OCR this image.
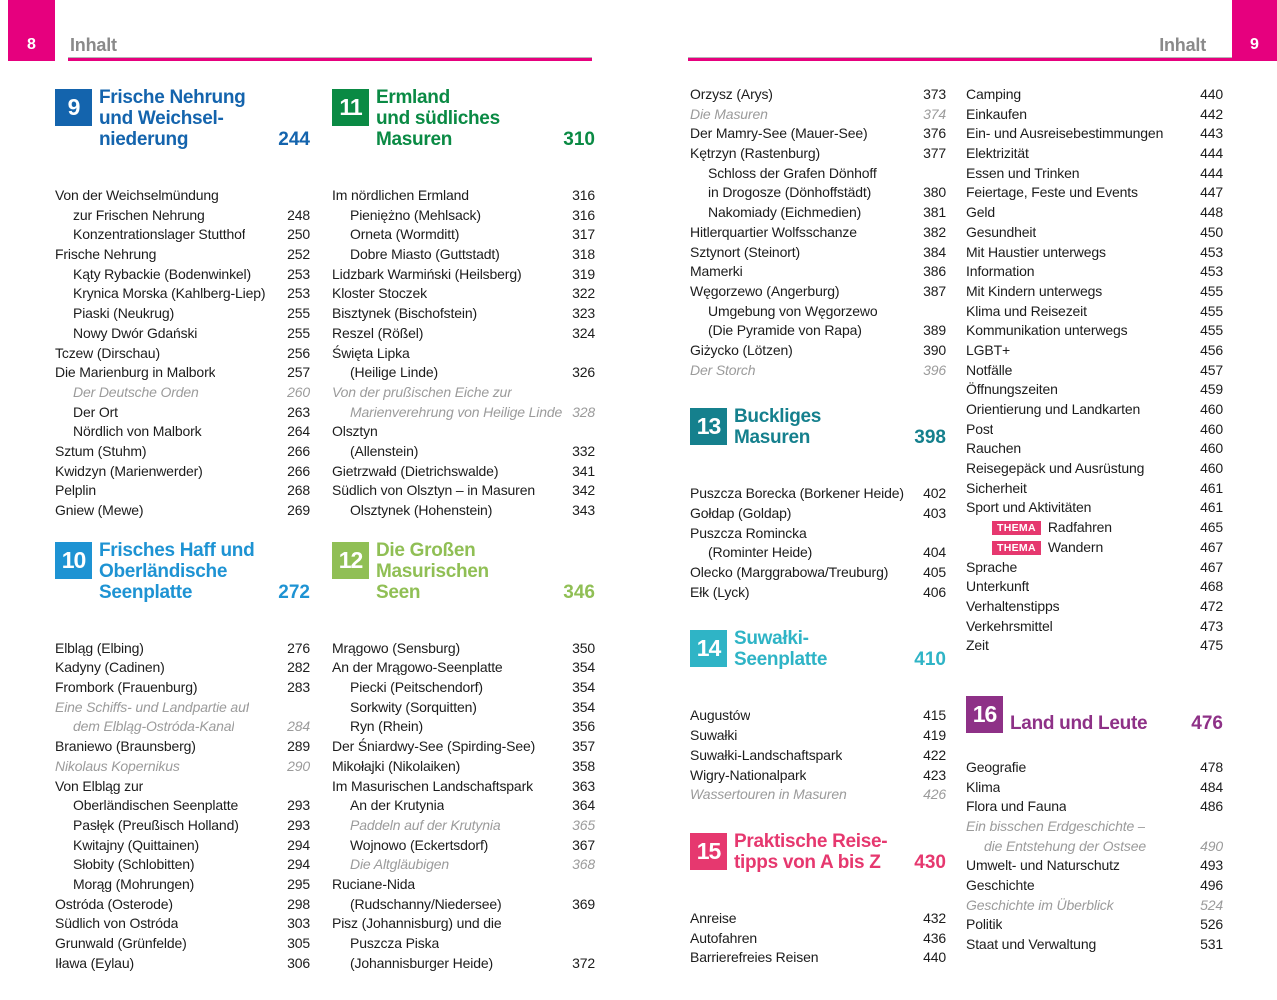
8 Inhalt	9
Inhalt
9	Frische Nehrung
und Weichsel-
niederung	244
Von der Weichselmündung
zur Frischen Nehrung	248
Konzentrationslager Stutthof	250
Frische Nehrung	252
Kąty Rybackie (Bodenwinkel)	253
Krynica Morska (Kahlberg-Liep) 253
Piaski (Neukrug)	255
Nowy Dwór Gdański	255
Tczew (Dirschau)	256
Die Marienburg in Malbork	257
Der Deutsche Orden	260
Der Ort	263
Nördlich von Malbork	264
Sztum (Stuhm)	266
Kwidzyn (Marienwerder)	266
Pelplin	268
Gniew (Mewe)	269
10 Frisches Haff und
Oberländische
Seenplatte	272
Elbląg (Elbing)	276
Kadyny (Cadinen)	282
Frombork (Frauenburg)	283
Eine Schiffs- und Landpartie auf
dem Elbląg-Ostróda-Kanal	284
Braniewo (Braunsberg)	289
Nikolaus Kopernikus	290
Von Elbląg zur
Oberländischen Seenplatte	293
Pasłęk (Preußisch Holland)	293
Kwitajny (Quittainen)	294
Słobity (Schlobitten)	294
Morąg (Mohrungen)	295
Ostróda (Osterode)	298
Südlich von Ostróda	303
Grunwald (Grünfelde)	305
Iława (Eylau)	306
11 Ermland
und südliches
Masuren	310
Im nördlichen Ermland	316
Pieniężno (Mehlsack)	316
Orneta (Wormditt)	317
Dobre Miasto (Guttstadt)	318
Lidzbark Warmiński (Heilsberg)	319
Kloster Stoczek	322
Bisztynek (Bischofstein)	323
Reszel (Rößel)	324
Święta Lipka
(Heilige Linde)	326
Von der prußischen Eiche zur
Marienverehrung von Heilige Linde 328
Olsztyn
(Allenstein)	332
Gietrzwałd (Dietrichswalde)	341
Südlich von Olsztyn – in Masuren	342
Olsztynek (Hohenstein)	343
12 Die Großen
Masurischen
Seen	346
Mrągowo (Sensburg)	350
An der Mrągowo-Seenplatte	354
Piecki (Peitschendorf)	354
Sorkwity (Sorquitten)	354
Ryn (Rhein)	356
Der Śniardwy-See (Spirding-See)	357
Mikołajki (Nikolaiken)	358
Im Masurischen Landschaftspark	363
An der Krutynia	364
Paddeln auf der Krutynia	365
Wojnowo (Eckertsdorf)	367
Die Altgläubigen	368
Ruciane-Nida
(Rudschanny/Niedersee)	369
Pisz (Johannisburg) und die
Puszcza Piska
(Johannisburger Heide)	372
Orzysz (Arys)	373
Die Masuren	374
Der Mamry-See (Mauer-See)	376
Kętrzyn (Rastenburg)	377
Schloss der Grafen Dönhoff
in Drogosze (Dönhoffstädt)	380
Nakomiady (Eichmedien)	381
Hitlerquartier Wolfsschanze	382
Sztynort (Steinort)	384
Mamerki	386
Węgorzewo (Angerburg)	387
Umgebung von Węgorzewo
(Die Pyramide von Rapa)	389
Giżycko (Lötzen)	390
Der Storch	396
13 Buckliges
Masuren	398
Puszcza Borecka (Borkener Heide) 402
Gołdap (Goldap)	403
Puszcza Romincka
(Rominter Heide)	404
Olecko (Marggrabowa/Treuburg) 405
Ełk (Lyck)	406
14 Suwałki-
Seenplatte	410
Augustów	415
Suwałki	419
Suwałki-Landschaftspark	422
Wigry-Nationalpark	423
Wassertouren in Masuren	426
15 Praktische Reise-
tipps von A bis Z	430
Anreise	432
Autofahren	436
Barrierefreies Reisen	440
Camping	440
Einkaufen	442
Ein- und Ausreisebestimmungen	443
Elektrizität	444
Essen und Trinken	444
Feiertage, Feste und Events	447
Geld	448
Gesundheit	450
Mit Haustier unterwegs	453
Information	453
Mit Kindern unterwegs	455
Klima und Reisezeit	455
Kommunikation unterwegs	455
LGBT+	456
Notfälle	457
Öffnungszeiten	459
Orientierung und Landkarten	460
Post	460
Rauchen	460
Reisegepäck und Ausrüstung	460
Sicherheit	461
Sport und Aktivitäten	461
THEMA Radfahren	465
THEMA Wandern	467
Sprache	467
Unterkunft	468
Verhaltenstipps	472
Verkehrsmittel	473
Zeit	475
16 Land und Leute	476
Geografie	478
Klima	484
Flora und Fauna	486
Ein bisschen Erdgeschichte –
die Entstehung der Ostsee	490
Umwelt- und Naturschutz	493
Geschichte	496
Geschichte im Überblick	524
Politik	526
Staat und Verwaltung	531
